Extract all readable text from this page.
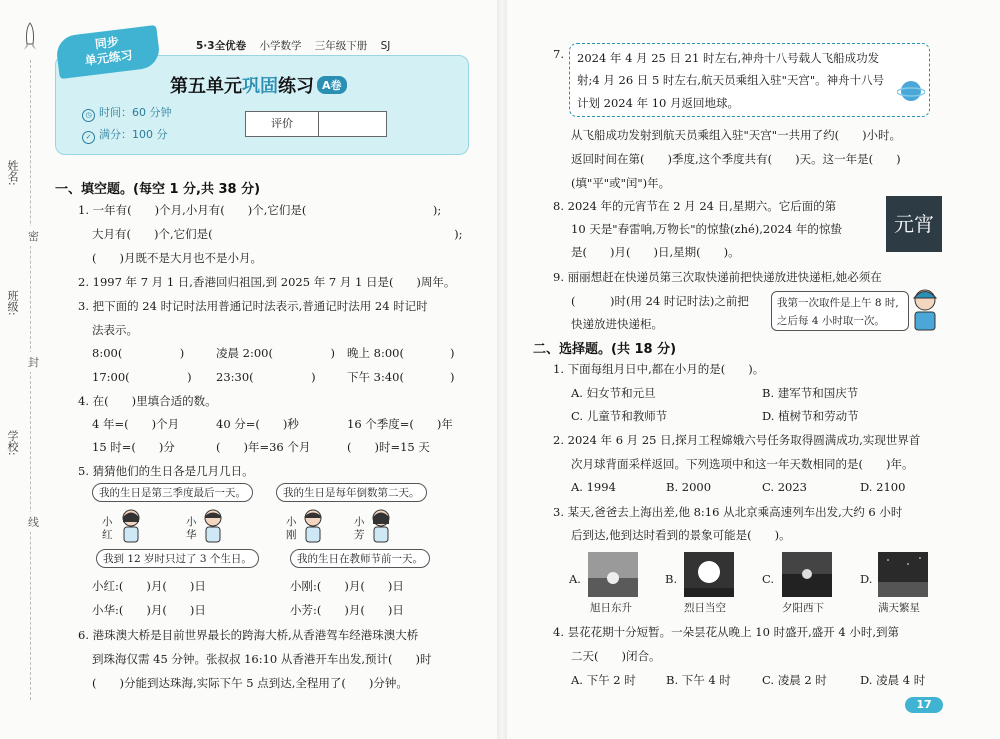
姓名:
班级:
学校:
密
封
线
5·3全优卷 小学数学 三年级下册 SJ
同步
单元练习
第五单元巩固练习 A卷
◷ 时间：60 分钟
✓ 满分：100 分
评价
一、填空题。(每空 1 分,共 38 分)
1. 一年有(　　)个月,小月有(　　)个,它们是(　　　　　　　　　　　);
大月有(　　)个,它们是(　　　　　　　　　　　　　　　　　　　　　);
(　　)月既不是大月也不是小月。
2. 1997 年 7 月 1 日,香港回归祖国,到 2025 年 7 月 1 日是(　　)周年。
3. 把下面的 24 时记时法用普通记时法表示,普通记时法用 24 时记时
法表示。
8:00(　　　　　)	凌晨 2:00(　　　　　) 晚上 8:00(　　　　)
17:00(　　　　　) 23:30(　　　　　)	下午 3:40(　　　　)
4. 在(　　)里填合适的数。
4 年=(　　)个月	40 分=(　　)秒	16 个季度=(　　)年
15 时=(　　)分	(　　)年=36 个月	(　　)时=15 天
5. 猜猜他们的生日各是几月几日。
我的生日是第三季度最后一天。	我的生日是每年倒数第二天。
小红
小华
小刚
小芳
我到 12 岁时只过了 3 个生日。	我的生日在教师节前一天。
小红:(　　)月(　　)日	小刚:(　　)月(　　)日
小华:(　　)月(　　)日	小芳:(　　)月(　　)日
6. 港珠澳大桥是目前世界最长的跨海大桥,从香港驾车经港珠澳大桥
到珠海仅需 45 分钟。张叔叔 16:10 从香港开车出发,预计(　　)时
(　　)分能到达珠海,实际下午 5 点到达,全程用了(　　)分钟。
7. 2024 年 4 月 25 日 21 时左右,神舟十八号载人飞船成功发
射;4 月 26 日 5 时左右,航天员乘组入驻"天宫"。神舟十八号
计划 2024 年 10 月返回地球。
从飞船成功发射到航天员乘组入驻"天宫"一共用了约(　　)小时。
返回时间在第(　　)季度,这个季度共有(　　)天。这一年是(　　)
(填"平"或"闰")年。
8. 2024 年的元宵节在 2 月 24 日,星期六。它后面的第
10 天是"春雷响,万物长"的惊蛰(zhé),2024 年的惊蛰
是(　　)月(　　)日,星期(　　)。
元宵
9. 丽丽想赶在快递员第三次取快递前把快递放进快递柜,她必须在
(　　　)时(用 24 时记时法)之前把
快递放进快递柜。
我第一次取件是上午 8 时,
之后每 4 小时取一次。
二、选择题。(共 18 分)
1. 下面每组月日中,都在小月的是(　　)。
A. 妇女节和元旦	B. 建军节和国庆节
C. 儿童节和教师节	D. 植树节和劳动节
2. 2024 年 6 月 25 日,探月工程嫦娥六号任务取得圆满成功,实现世界首
次月球背面采样返回。下列选项中和这一年天数相同的是(　　)年。
A. 1994	B. 2000	C. 2023	D. 2100
3. 某天,爸爸去上海出差,他 8:16 从北京乘高速列车出发,大约 6 小时
后到达,他到达时看到的景象可能是(　　)。
A.
旭日东升
B.
烈日当空
C.
夕阳西下
D.
满天繁星
4. 昙花花期十分短暂。一朵昙花从晚上 10 时盛开,盛开 4 小时,到第
二天(　　)闭合。
A. 下午 2 时	B. 下午 4 时	C. 凌晨 2 时	D. 凌晨 4 时
17
